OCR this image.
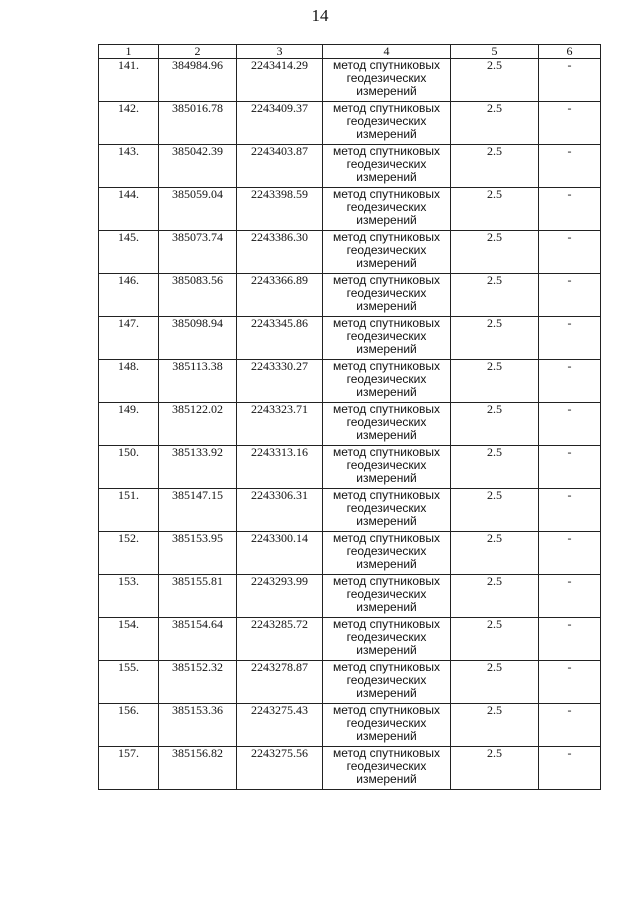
14
1	2	3	4	5	6
141.	384984.96	2243414.29	метод спутниковых геодезических измерений	2.5	-
142.	385016.78	2243409.37	метод спутниковых геодезических измерений	2.5	-
143.	385042.39	2243403.87	метод спутниковых геодезических измерений	2.5	-
144.	385059.04	2243398.59	метод спутниковых геодезических измерений	2.5	-
145.	385073.74	2243386.30	метод спутниковых геодезических измерений	2.5	-
146.	385083.56	2243366.89	метод спутниковых геодезических измерений	2.5	-
147.	385098.94	2243345.86	метод спутниковых геодезических измерений	2.5	-
148.	385113.38	2243330.27	метод спутниковых геодезических измерений	2.5	-
149.	385122.02	2243323.71	метод спутниковых геодезических измерений	2.5	-
150.	385133.92	2243313.16	метод спутниковых геодезических измерений	2.5	-
151.	385147.15	2243306.31	метод спутниковых геодезических измерений	2.5	-
152.	385153.95	2243300.14	метод спутниковых геодезических измерений	2.5	-
153.	385155.81	2243293.99	метод спутниковых геодезических измерений	2.5	-
154.	385154.64	2243285.72	метод спутниковых геодезических измерений	2.5	-
155.	385152.32	2243278.87	метод спутниковых геодезических измерений	2.5	-
156.	385153.36	2243275.43	метод спутниковых геодезических измерений	2.5	-
157.	385156.82	2243275.56	метод спутниковых геодезических измерений	2.5	-
